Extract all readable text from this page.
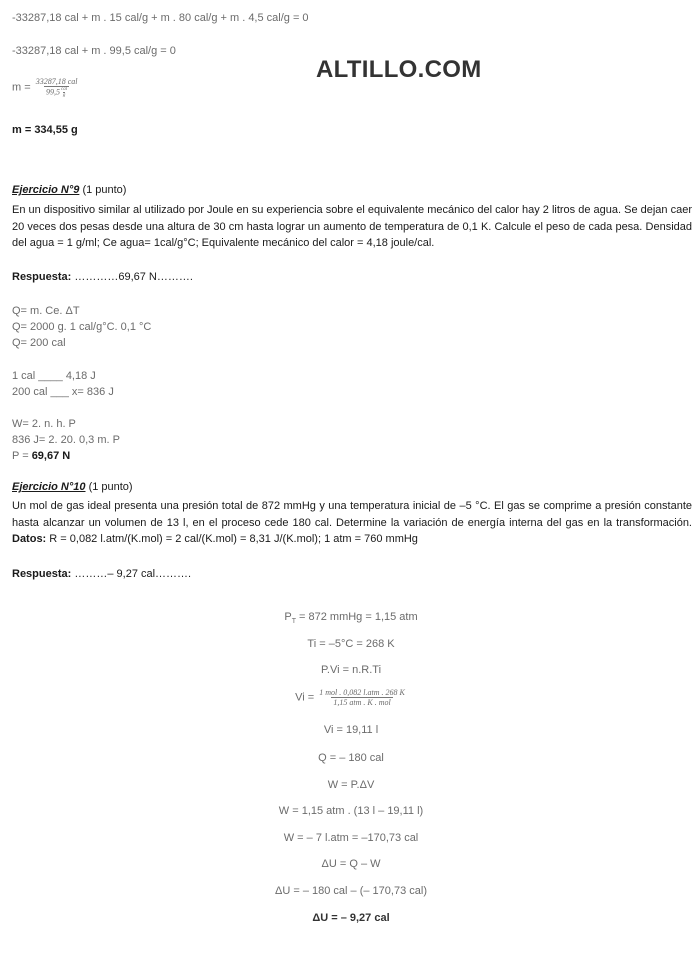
ALTILLO.COM
-33287,18 cal + m . 15 cal/g + m . 80 cal/g + m . 4,5 cal/g = 0
-33287,18 cal + m . 99,5 cal/g = 0
$m = \frac{\text{33287,18 cal}}{99,5 \frac{\text{cal}}{g}}$
m = 334,55 g
Ejercicio N°9 (1 punto)
En un dispositivo similar al utilizado por Joule en su experiencia sobre el equivalente mecánico del calor hay 2 litros de agua. Se dejan caer 20 veces dos pesas desde una altura de 30 cm hasta lograr un aumento de temperatura de 0,1 K. Calcule el peso de cada pesa. Densidad del agua = 1 g/ml; Ce agua= 1cal/g°C; Equivalente mecánico del calor = 4,18 joule/cal.
Respuesta: …………69,67 N……….
Q= m. Ce. ΔT
Q= 2000 g. 1 cal/g°C. 0,1 °C
Q= 200 cal
1 cal ____ 4,18 J
200 cal ___ x= 836 J
W= 2. n. h. P
836 J= 2. 20. 0,3 m. P
P = 69,67 N
Ejercicio N°10 (1 punto)
Un mol de gas ideal presenta una presión total de 872 mmHg y una temperatura inicial de –5 °C. El gas se comprime a presión constante hasta alcanzar un volumen de 13 l, en el proceso cede 180 cal. Determine la variación de energía interna del gas en la transformación. Datos: R = 0,082 l.atm/(K.mol) = 2 cal/(K.mol) = 8,31 J/(K.mol); 1 atm = 760 mmHg
Respuesta: ………– 9,27 cal……….
$P_T = 872$ mmHg = 1,15 atm
Ti = –5°C = 268 K
P.Vi = n.R.Ti
$Vi = \frac{\text{1 mol . 0,082 l.atm . 268 K}}{\text{1,15 atm . K . mol}}$
Vi = 19,11 l
Q = – 180 cal
W = P.ΔV
W = 1,15 atm . (13 l – 19,11 l)
W = – 7 l.atm = –170,73 cal
ΔU = Q – W
ΔU = – 180 cal – (– 170,73 cal)
ΔU = – 9,27 cal
